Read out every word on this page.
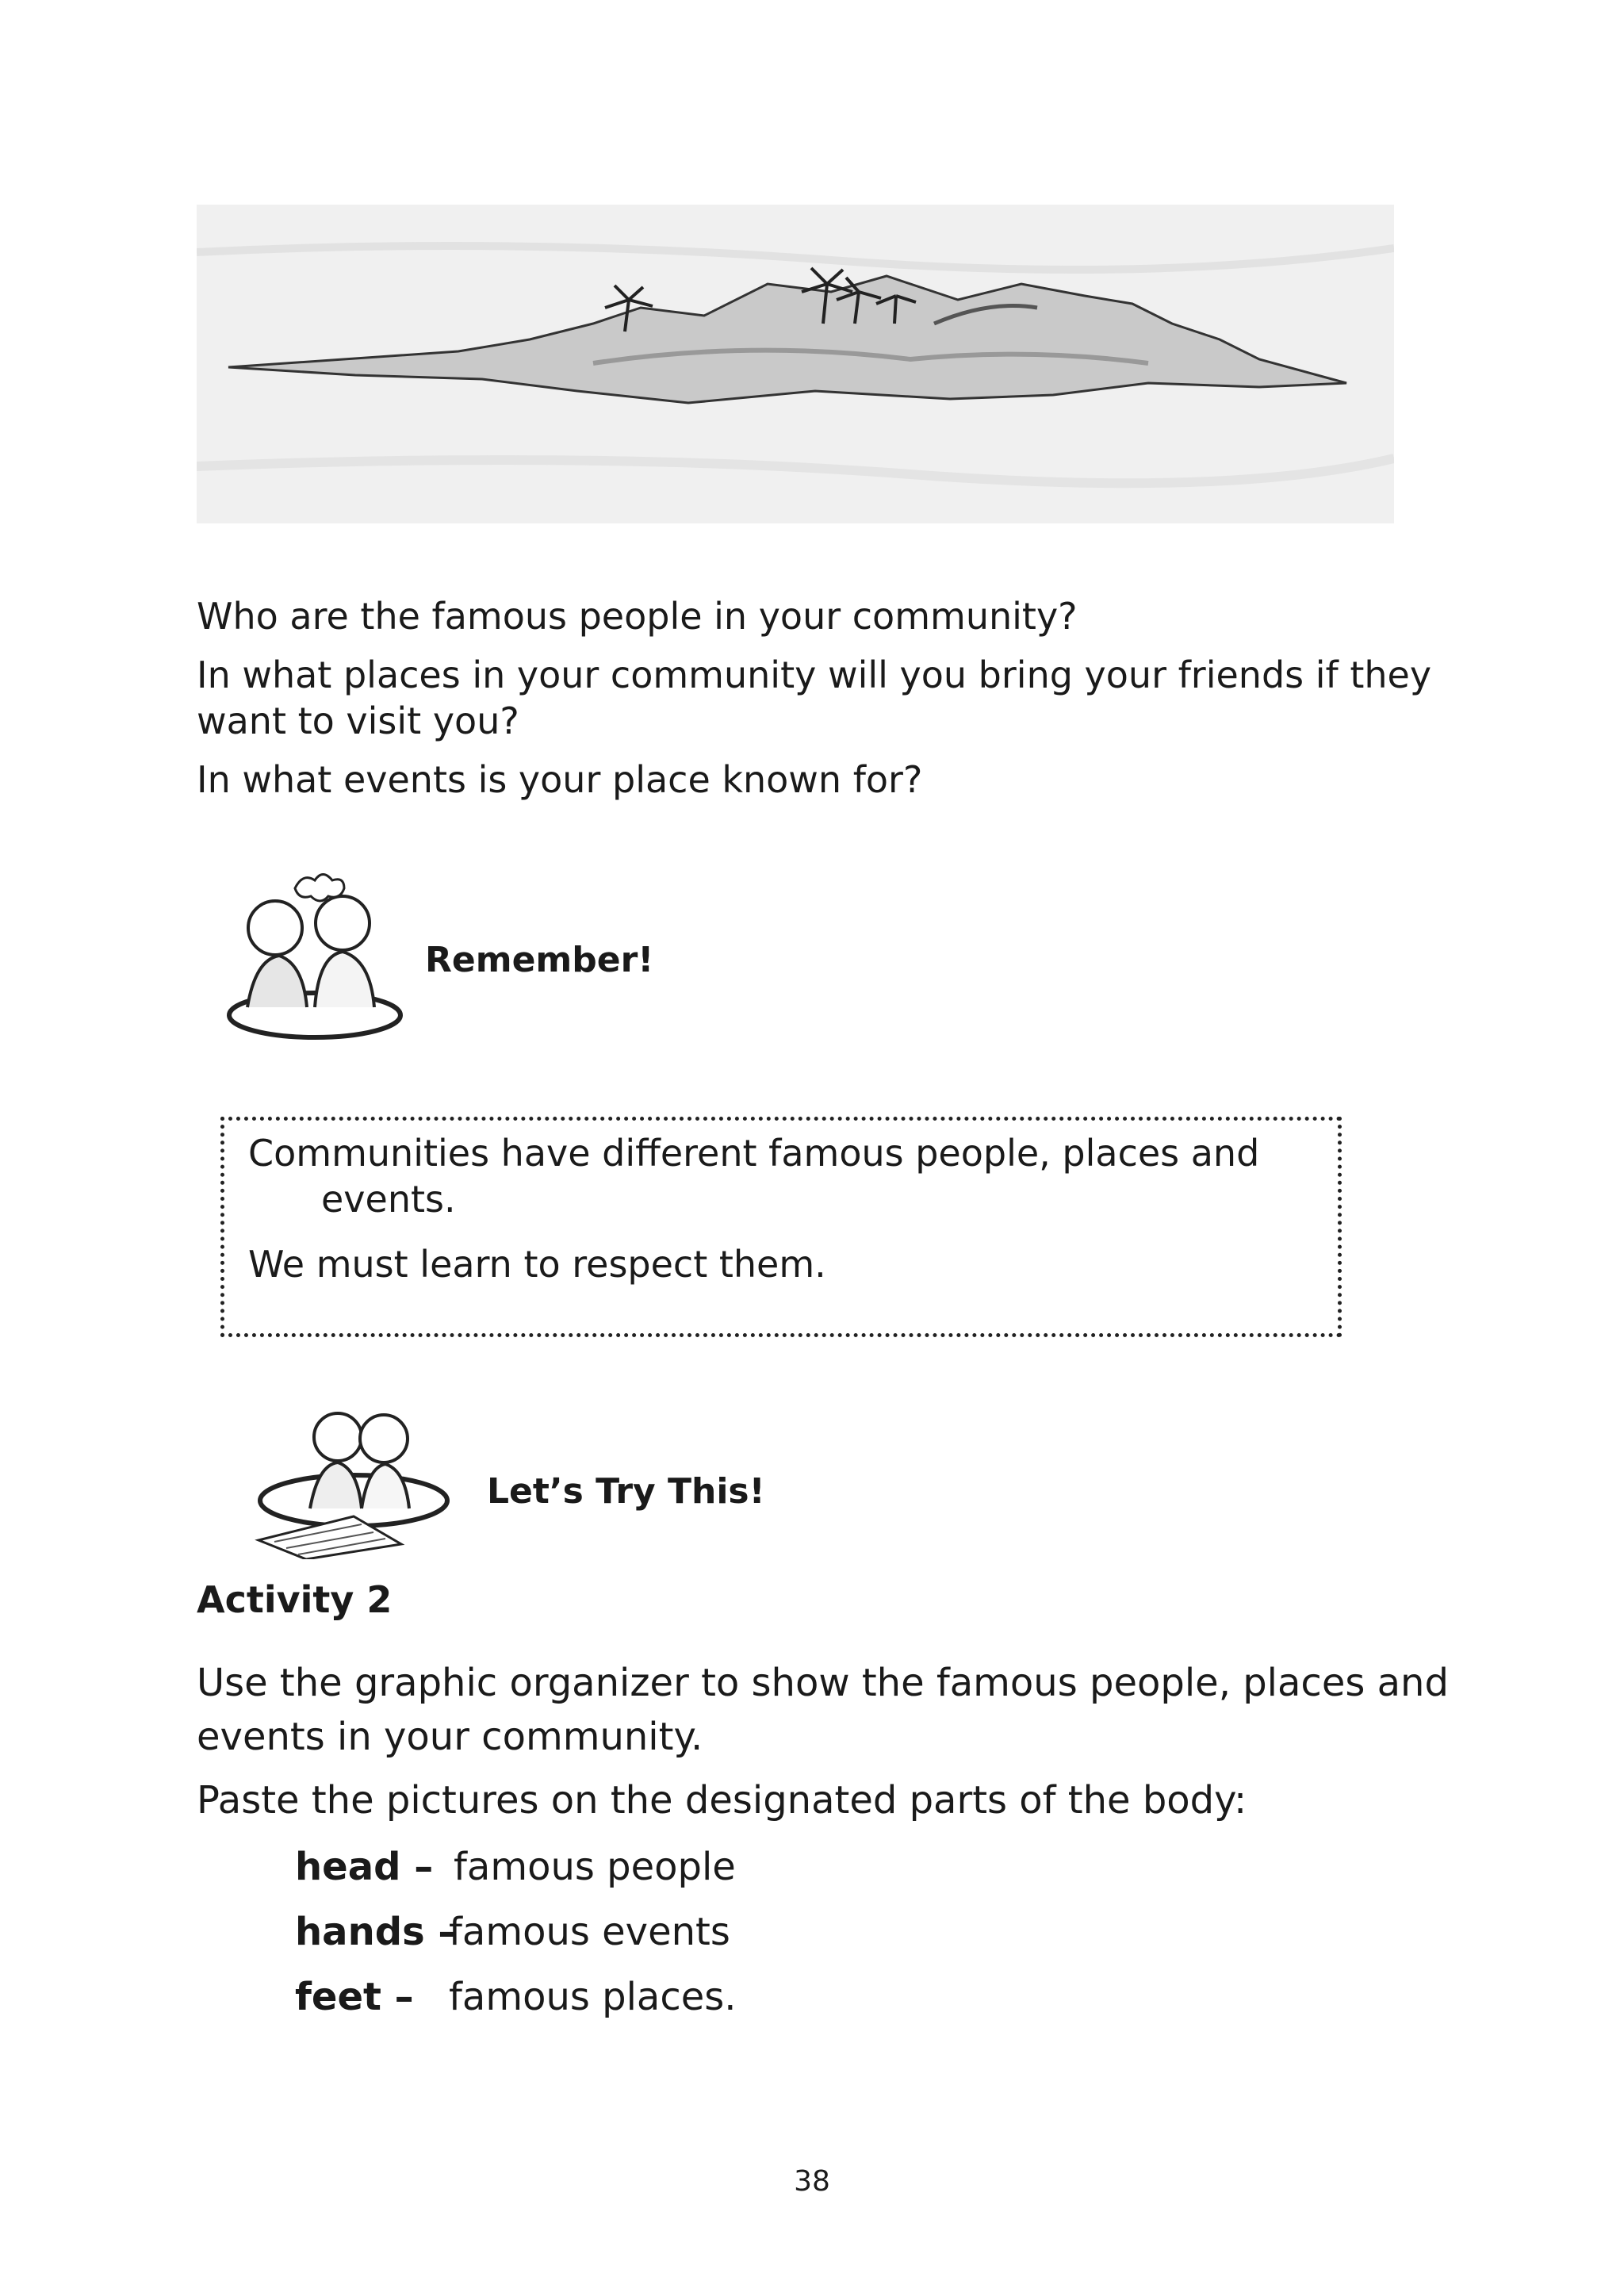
Who are the famous people in your community?

In what places in your community will you bring your friends if they want to visit you?

In what events is your place known for?

Remember!

Communities have different famous people, places and events.

We must learn to respect them.

Let’s Try This!

Activity 2

Use the graphic organizer to show the famous people, places and events in your community.

Paste the pictures on the designated parts of the body:

head – famous people
hands –
famous events
feet – famous places.

38
